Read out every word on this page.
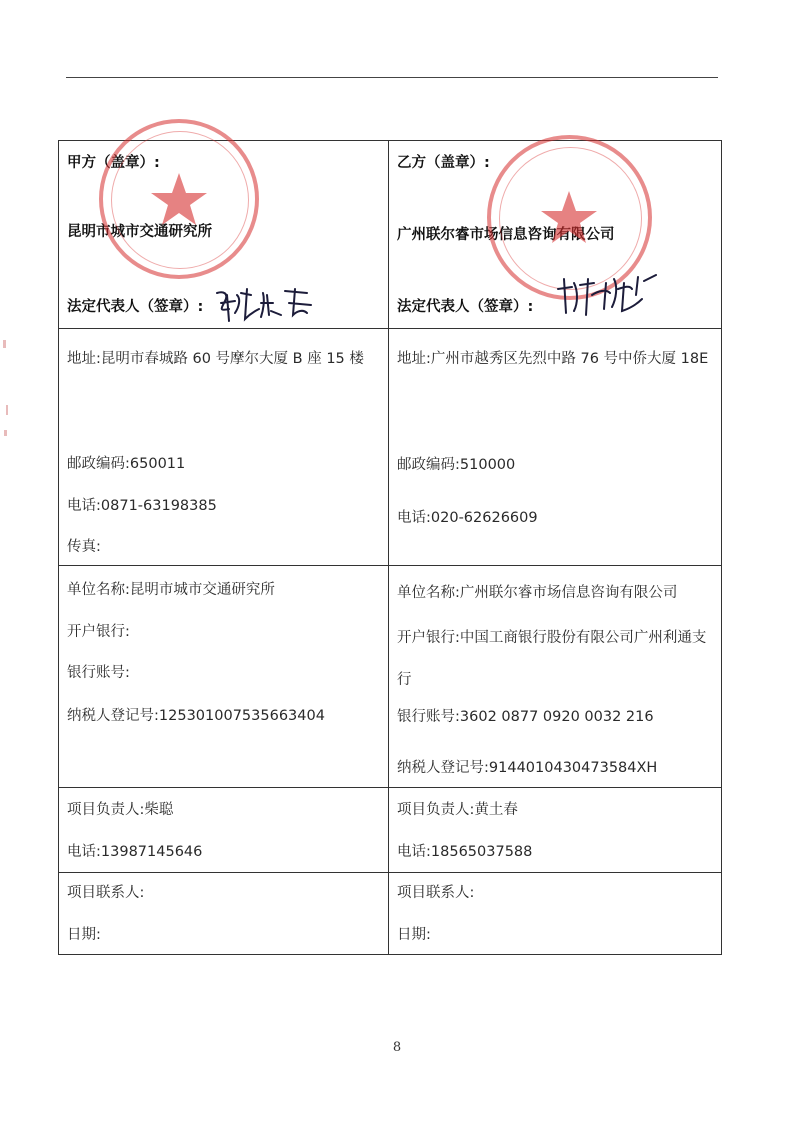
甲方（盖章）:
昆明市城市交通研究所
法定代表人（签章）:
乙方（盖章）:
广州联尔睿市场信息咨询有限公司
法定代表人（签章）:
地址:昆明市春城路 60 号摩尔大厦 B 座 15 楼
邮政编码:650011
电话:0871-63198385
传真:
地址:广州市越秀区先烈中路 76 号中侨大厦 18E
邮政编码:510000
电话:020-62626609
单位名称:昆明市城市交通研究所
开户银行:
银行账号:
纳税人登记号:125301007535663404
单位名称:广州联尔睿市场信息咨询有限公司
开户银行:中国工商银行股份有限公司广州利通支行
银行账号:3602 0877 0920 0032 216
纳税人登记号:9144010430473584XH
项目负责人:柴聪
电话:13987145646
项目负责人:黄土春
电话:18565037588
项目联系人:
日期:
项目联系人:
日期:
8
